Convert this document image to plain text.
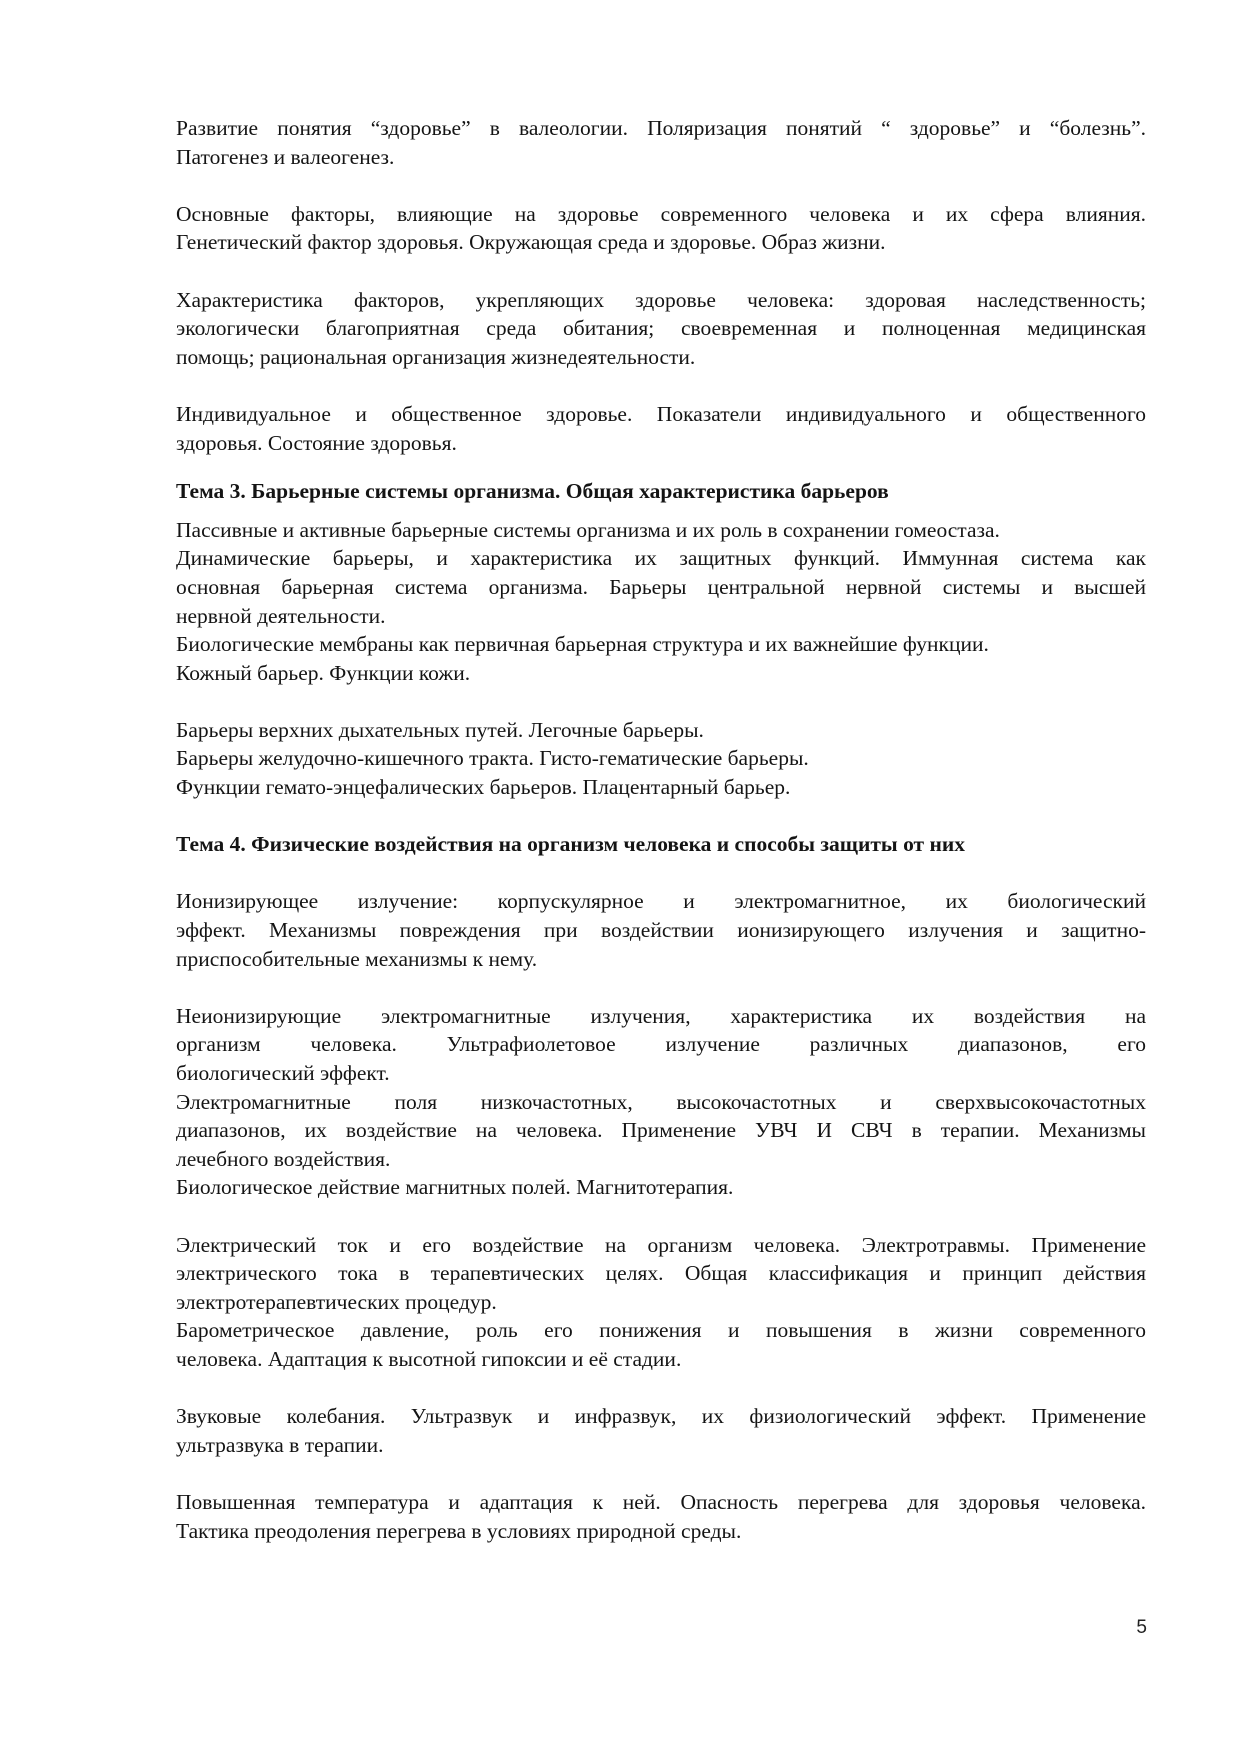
Развитие понятия “здоровье” в валеологии. Поляризация понятий “ здоровье” и “болезнь”.
Патогенез и валеогенез.
Основные факторы, влияющие на здоровье современного человека и их сфера влияния.
Генетический фактор здоровья. Окружающая среда и здоровье. Образ жизни.
Характеристика факторов, укрепляющих здоровье человека: здоровая наследственность;
экологически благоприятная среда обитания; своевременная и полноценная медицинская
помощь; рациональная организация жизнедеятельности.
Индивидуальное и общественное здоровье. Показатели индивидуального и общественного
здоровья. Состояние здоровья.
Тема 3. Барьерные системы организма. Общая характеристика барьеров
Пассивные и активные барьерные системы организма и их роль в сохранении гомеостаза.
Динамические барьеры, и характеристика их защитных функций. Иммунная система как
основная барьерная система организма. Барьеры центральной нервной системы и высшей
нервной деятельности.
Биологические мембраны как первичная барьерная структура и их важнейшие функции.
Кожный барьер. Функции кожи.
Барьеры верхних дыхательных путей. Легочные барьеры.
Барьеры желудочно-кишечного тракта. Гисто-гематические барьеры.
Функции гемато-энцефалических барьеров. Плацентарный барьер.
Тема 4. Физические воздействия на организм человека и способы защиты от них
Ионизирующее излучение: корпускулярное и электромагнитное, их биологический
эффект. Механизмы повреждения при воздействии ионизирующего излучения и защитно-
приспособительные механизмы к нему.
Неионизирующие электромагнитные излучения, характеристика их воздействия на
организм человека. Ультрафиолетовое излучение различных диапазонов, его
биологический эффект.
Электромагнитные поля низкочастотных, высокочастотных и сверхвысокочастотных
диапазонов, их воздействие на человека. Применение УВЧ И СВЧ в терапии. Механизмы
лечебного воздействия.
Биологическое действие магнитных полей. Магнитотерапия.
Электрический ток и его воздействие на организм человека. Электротравмы. Применение
электрического тока в терапевтических целях. Общая классификация и принцип действия
электротерапевтических процедур.
Барометрическое давление, роль его понижения и повышения в жизни современного
человека. Адаптация к высотной гипоксии и её стадии.
Звуковые колебания. Ультразвук и инфразвук, их физиологический эффект. Применение
ультразвука в терапии.
Повышенная температура и адаптация к ней. Опасность перегрева для здоровья человека.
Тактика преодоления перегрева в условиях природной среды.
5
